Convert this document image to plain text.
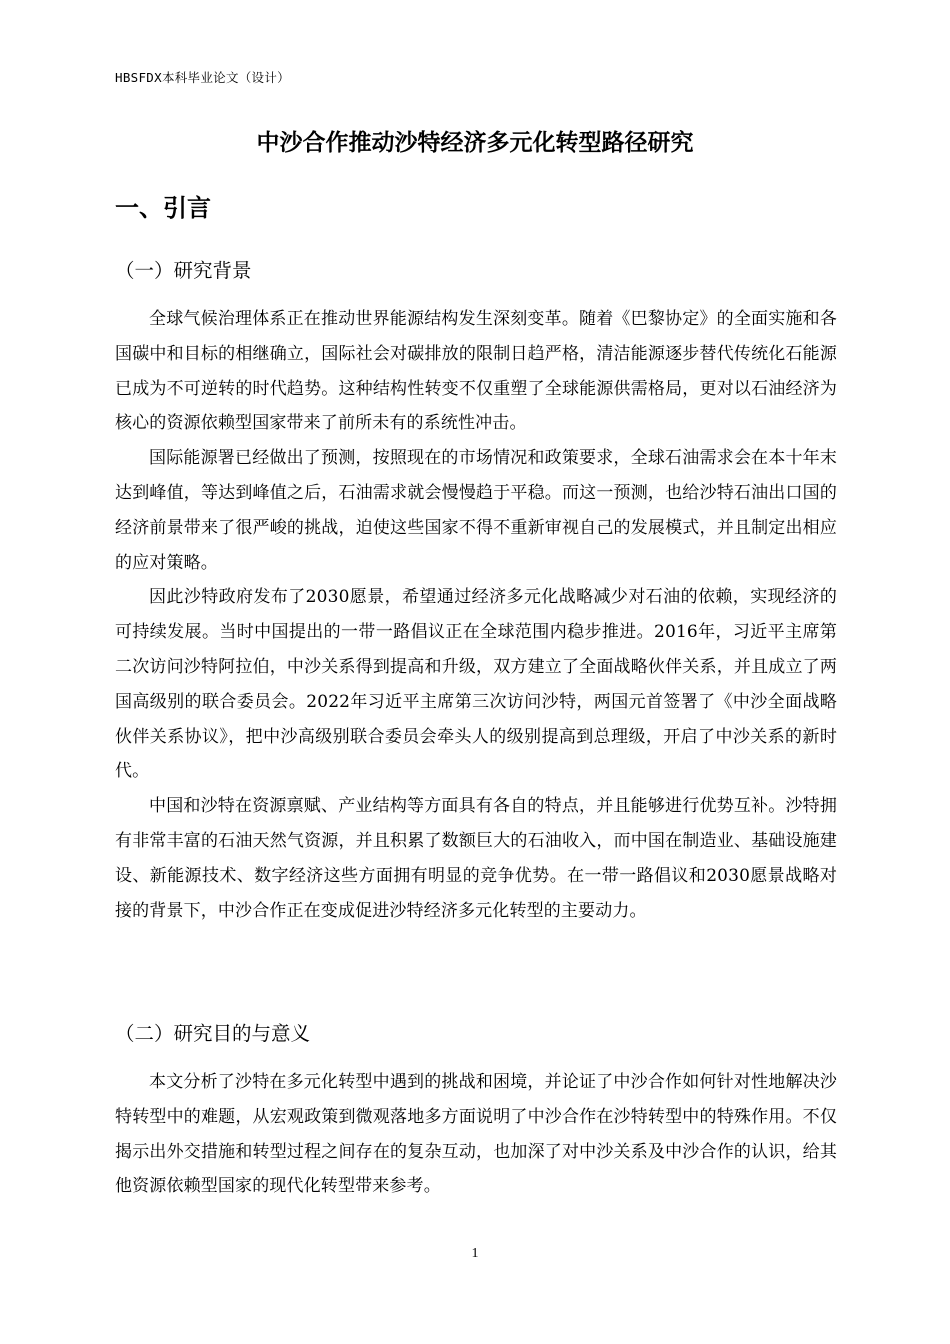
HBSFDX本科毕业论文（设计）
中沙合作推动沙特经济多元化转型路径研究
一、引言
（一）研究背景

全球气候治理体系正在推动世界能源结构发生深刻变革。随着《巴黎协定》的全面实施和各国碳中和目标的相继确立，国际社会对碳排放的限制日趋严格，清洁能源逐步替代传统化石能源已成为不可逆转的时代趋势。这种结构性转变不仅重塑了全球能源供需格局，更对以石油经济为核心的资源依赖型国家带来了前所未有的系统性冲击。

国际能源署已经做出了预测，按照现在的市场情况和政策要求，全球石油需求会在本十年末达到峰值，等达到峰值之后，石油需求就会慢慢趋于平稳。而这一预测，也给沙特石油出口国的经济前景带来了很严峻的挑战，迫使这些国家不得不重新审视自己的发展模式，并且制定出相应的应对策略。

因此沙特政府发布了2030愿景，希望通过经济多元化战略减少对石油的依赖，实现经济的可持续发展。当时中国提出的一带一路倡议正在全球范围内稳步推进。2016年，习近平主席第二次访问沙特阿拉伯，中沙关系得到提高和升级，双方建立了全面战略伙伴关系，并且成立了两国高级别的联合委员会。2022年习近平主席第三次访问沙特，两国元首签署了《中沙全面战略伙伴关系协议》，把中沙高级别联合委员会牵头人的级别提高到总理级，开启了中沙关系的新时代。

中国和沙特在资源禀赋、产业结构等方面具有各自的特点，并且能够进行优势互补。沙特拥有非常丰富的石油天然气资源，并且积累了数额巨大的石油收入，而中国在制造业、基础设施建设、新能源技术、数字经济这些方面拥有明显的竞争优势。在一带一路倡议和2030愿景战略对接的背景下，中沙合作正在变成促进沙特经济多元化转型的主要动力。

（二）研究目的与意义

本文分析了沙特在多元化转型中遇到的挑战和困境，并论证了中沙合作如何针对性地解决沙特转型中的难题，从宏观政策到微观落地多方面说明了中沙合作在沙特转型中的特殊作用。不仅揭示出外交措施和转型过程之间存在的复杂互动，也加深了对中沙关系及中沙合作的认识，给其他资源依赖型国家的现代化转型带来参考。

1
